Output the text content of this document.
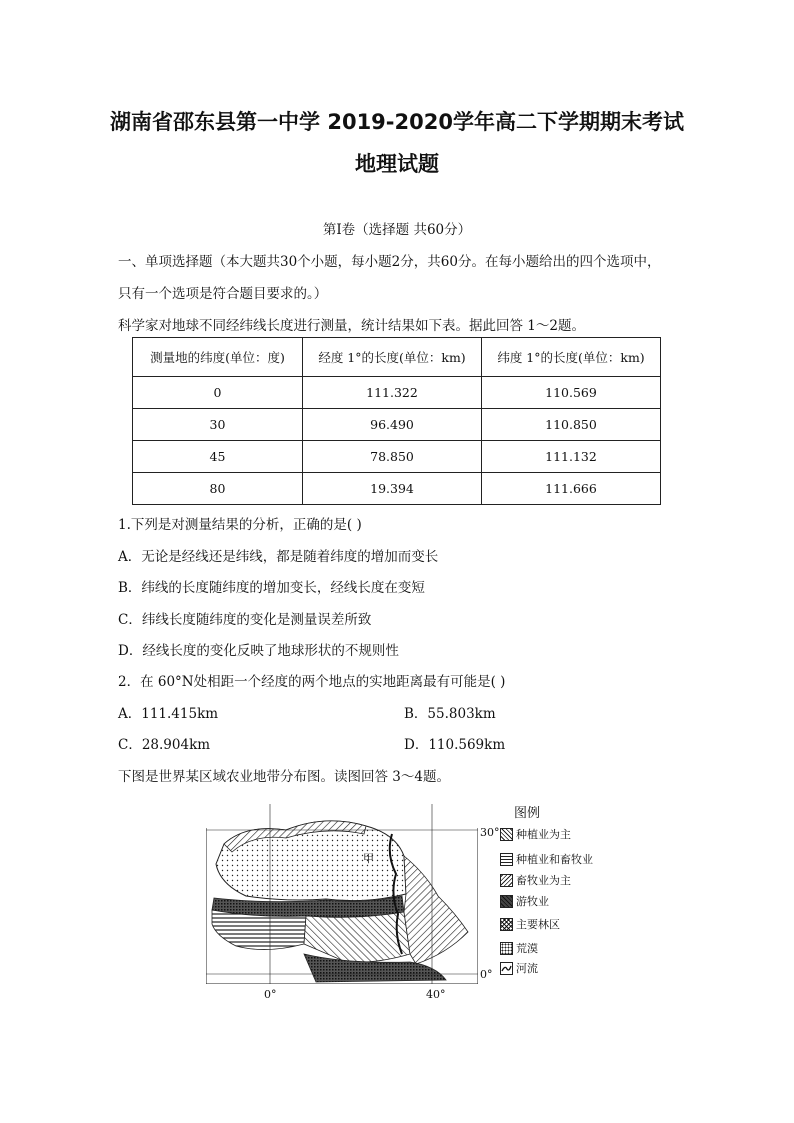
湖南省邵东县第一中学 2019-2020学年高二下学期期末考试
地理试题
第Ⅰ卷（选择题 共60分）
一、单项选择题（本大题共30个小题，每小题2分，共60分。在每小题给出的四个选项中，
只有一个选项是符合题目要求的。）
科学家对地球不同经纬线长度进行测量，统计结果如下表。据此回答 1～2题。
测量地的纬度(单位：度)	经度 1°的长度(单位：km)	纬度 1°的长度(单位：km)
0	111.322	110.569
30	96.490	110.850
45	78.850	111.132
80	19.394	111.666
1.下列是对测量结果的分析，正确的是( )
A．无论是经线还是纬线，都是随着纬度的增加而变长
B．纬线的长度随纬度的增加变长，经线长度在变短
C．纬线长度随纬度的变化是测量误差所致
D．经线长度的变化反映了地球形状的不规则性
2．在 60°N处相距一个经度的两个地点的实地距离最有可能是( )
A．111.415km	B．55.803km
C．28.904km	D．110.569km
下图是世界某区域农业地带分布图。读图回答 3～4题。
甲
30°
0°
0°	40°
图例
种植业为主
种植业和畜牧业
畜牧业为主
游牧业
主要林区
荒漠
河流
